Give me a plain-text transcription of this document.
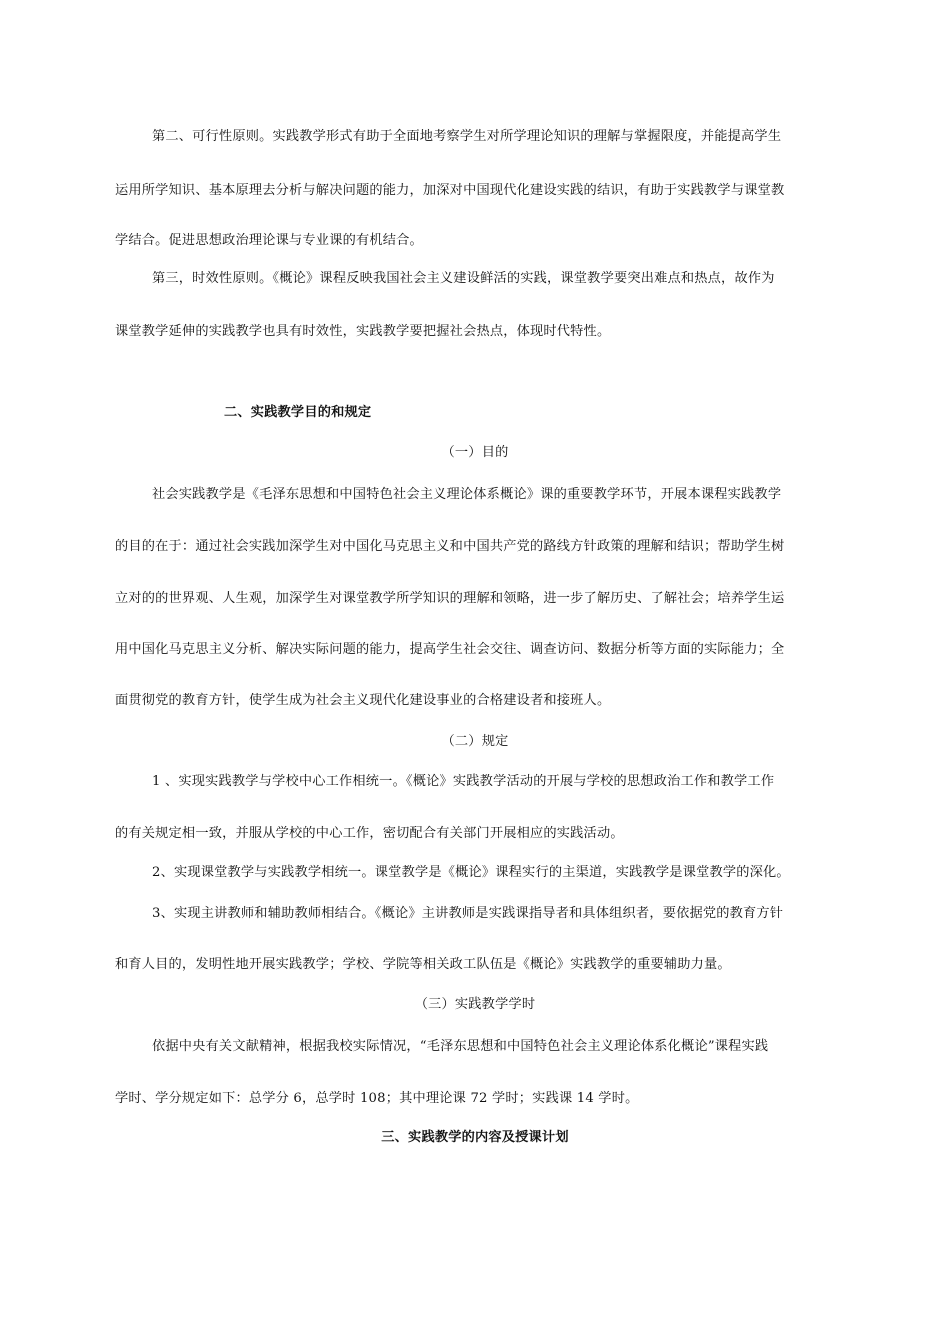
第二、可行性原则。实践教学形式有助于全面地考察学生对所学理论知识的理解与掌握限度，并能提高学生
运用所学知识、基本原理去分析与解决问题的能力，加深对中国现代化建设实践的结识，有助于实践教学与课堂教
学结合。促进思想政治理论课与专业课的有机结合。
第三，时效性原则。《概论》课程反映我国社会主义建设鲜活的实践，课堂教学要突出难点和热点，故作为
课堂教学延伸的实践教学也具有时效性，实践教学要把握社会热点，体现时代特性。
二、实践教学目的和规定
（一）目的
社会实践教学是《毛泽东思想和中国特色社会主义理论体系概论》课的重要教学环节，开展本课程实践教学
的目的在于：通过社会实践加深学生对中国化马克思主义和中国共产党的路线方针政策的理解和结识；帮助学生树
立对的的世界观、人生观，加深学生对课堂教学所学知识的理解和领略，进一步了解历史、了解社会；培养学生运
用中国化马克思主义分析、解决实际问题的能力，提高学生社会交往、调查访问、数据分析等方面的实际能力；全
面贯彻党的教育方针，使学生成为社会主义现代化建设事业的合格建设者和接班人。
（二）规定
1 、实现实践教学与学校中心工作相统一。《概论》实践教学活动的开展与学校的思想政治工作和教学工作
的有关规定相一致，并服从学校的中心工作，密切配合有关部门开展相应的实践活动。
2、实现课堂教学与实践教学相统一。课堂教学是《概论》课程实行的主渠道，实践教学是课堂教学的深化。
3、实现主讲教师和辅助教师相结合。《概论》主讲教师是实践课指导者和具体组织者，要依据党的教育方针
和育人目的，发明性地开展实践教学；学校、学院等相关政工队伍是《概论》实践教学的重要辅助力量。
（三）实践教学学时
依据中央有关文献精神，根据我校实际情况，“毛泽东思想和中国特色社会主义理论体系化概论”课程实践
学时、学分规定如下：总学分 6，总学时 108；其中理论课 72 学时；实践课 14 学时。
三、实践教学的内容及授课计划
